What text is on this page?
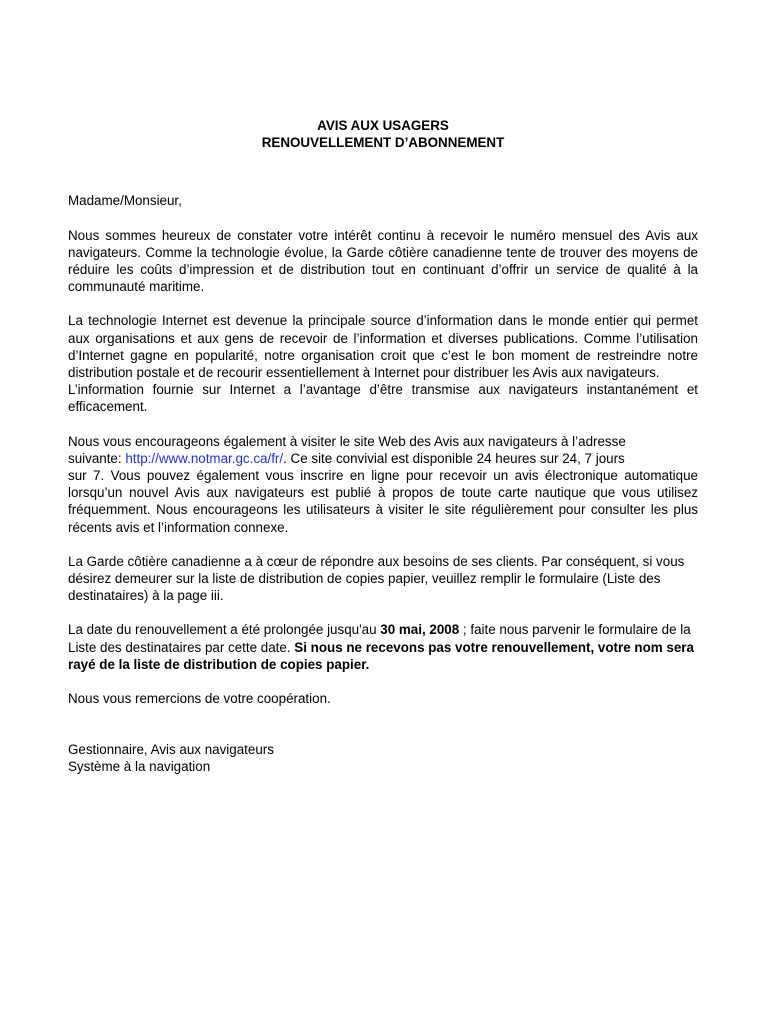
AVIS AUX USAGERS

RENOUVELLEMENT D’ABONNEMENT

Madame/Monsieur,

Nous sommes heureux de constater votre intérêt continu à recevoir le numéro mensuel des Avis aux navigateurs. Comme la technologie évolue, la Garde côtière canadienne tente de trouver des moyens de réduire les coûts d’impression et de distribution tout en continuant d’offrir un service de qualité à la communauté maritime.

La technologie Internet est devenue la principale source d’information dans le monde entier qui permet aux organisations et aux gens de recevoir de l’information et diverses publications. Comme l’utilisation d’Internet gagne en popularité, notre organisation croit que c’est le bon moment de restreindre notre distribution postale et de recourir essentiellement à Internet pour distribuer les Avis aux navigateurs.

L’information fournie sur Internet a l’avantage d’être transmise aux navigateurs instantanément et efficacement.

Nous vous encourageons également à visiter le site Web des Avis aux navigateurs à l’adresse

suivante: http://www.notmar.gc.ca/fr/. Ce site convivial est disponible 24 heures sur 24, 7 jours

sur 7. Vous pouvez également vous inscrire en ligne pour recevoir un avis électronique automatique lorsqu’un nouvel Avis aux navigateurs est publié à propos de toute carte nautique que vous utilisez fréquemment. Nous encourageons les utilisateurs à visiter le site régulièrement pour consulter les plus récents avis et l’information connexe.

La Garde côtière canadienne a à cœur de répondre aux besoins de ses clients. Par conséquent, si vous désirez demeurer sur la liste de distribution de copies papier, veuillez remplir le formulaire (Liste des destinataires) à la page iii.

La date du renouvellement a été prolongée jusqu'au 30 mai, 2008 ; faite nous parvenir le formulaire de la Liste des destinataires par cette date. Si nous ne recevons pas votre renouvellement, votre nom sera rayé de la liste de distribution de copies papier.

Nous vous remercions de votre coopération.

Gestionnaire, Avis aux navigateurs

Système à la navigation
